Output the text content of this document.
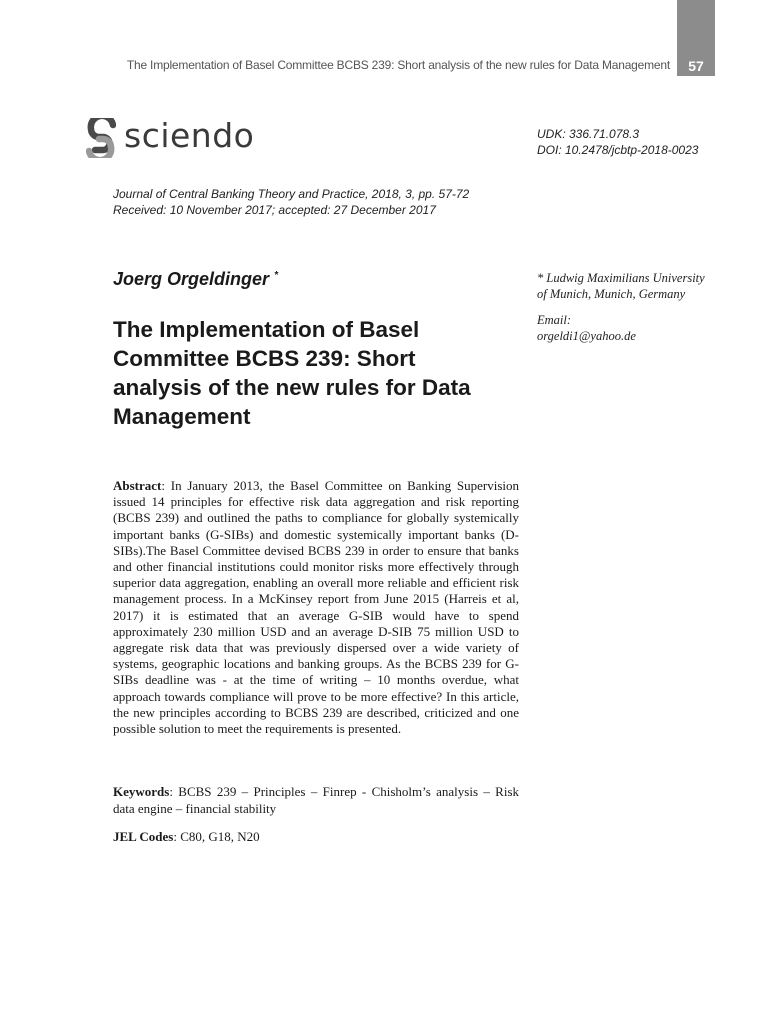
The Implementation of Basel Committee BCBS 239: Short analysis of the new rules for Data Management	57
sciendo	UDK: 336.71.078.3
DOI: 10.2478/jcbtp-2018-0023
Journal of Central Banking Theory and Practice, 2018, 3, pp. 57-72
Received: 10 November 2017; accepted: 27 December 2017
Joerg Orgeldinger *	* Ludwig Maximilians University
of Munich, Munich, Germany
Email:
orgeldi1@yahoo.de
The Implementation of Basel
Committee BCBS 239: Short
analysis of the new rules for Data
Management

Abstract: In January 2013, the Basel Committee on Banking Supervision issued 14 principles for effective risk data aggregation and risk reporting (BCBS 239) and outlined the paths to compliance for globally systemically important banks (G-SIBs) and domestic systemically important banks (D-SIBs).The Basel Committee devised BCBS 239 in order to ensure that banks and other financial institutions could monitor risks more effectively through superior data aggregation, enabling an overall more reliable and efficient risk management process. In a McKinsey report from June 2015 (Harreis et al, 2017) it is estimated that an average G-SIB would have to spend approximately 230 million USD and an average D-SIB 75 million USD to aggregate risk data that was previously dispersed over a wide variety of systems, geographic locations and banking groups. As the BCBS 239 for G-SIBs deadline was - at the time of writing – 10 months overdue, what approach towards compliance will prove to be more effective? In this article, the new principles according to BCBS 239 are described, criticized and one possible solution to meet the requirements is presented.

Keywords: BCBS 239 – Principles – Finrep - Chisholm’s analysis – Risk data engine – financial stability

JEL Codes: C80, G18, N20
